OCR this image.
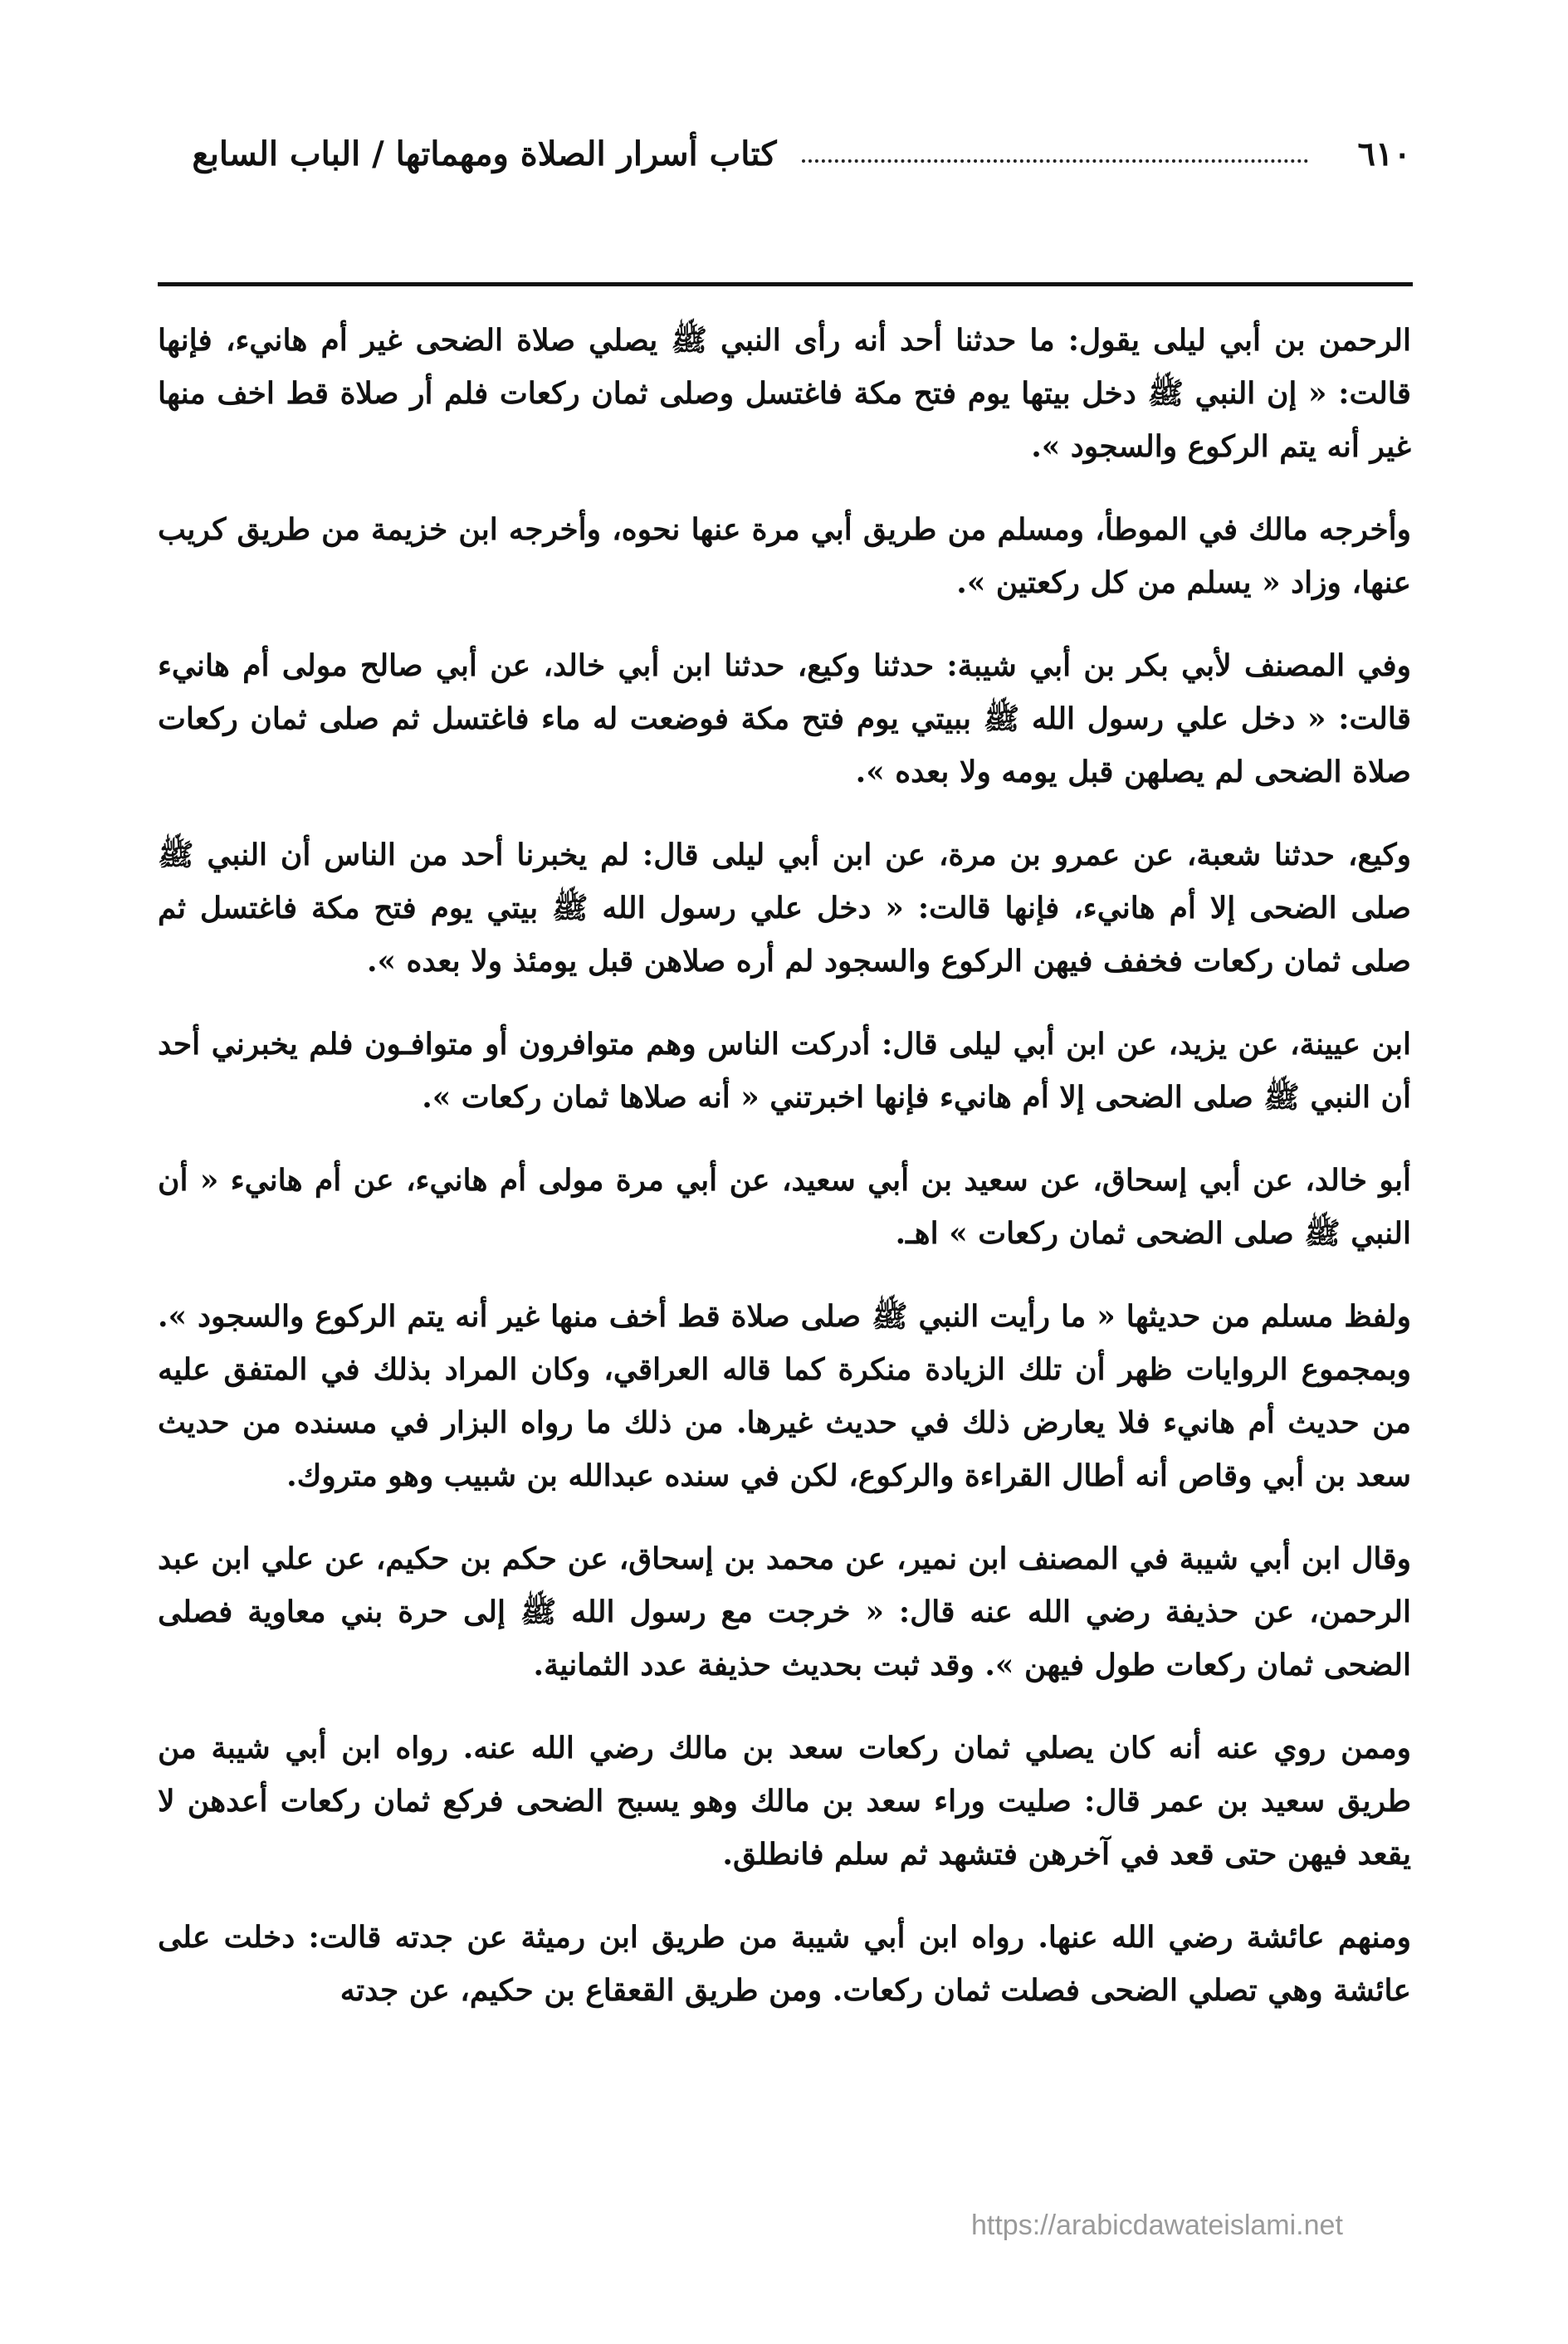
٦١٠
كتاب أسرار الصلاة ومهماتها / الباب السابع

الرحمن بن أبي ليلى يقول: ما حدثنا أحد أنه رأى النبي ﷺ يصلي صلاة الضحى غير أم هانيء، فإنها قالت: « إن النبي ﷺ دخل بيتها يوم فتح مكة فاغتسل وصلى ثمان ركعات فلم أر صلاة قط اخف منها غير أنه يتم الركوع والسجود ».

وأخرجه مالك في الموطأ، ومسلم من طريق أبي مرة عنها نحوه، وأخرجه ابن خزيمة من طريق كريب عنها، وزاد « يسلم من كل ركعتين ».

وفي المصنف لأبي بكر بن أبي شيبة: حدثنا وكيع، حدثنا ابن أبي خالد، عن أبي صالح مولى أم هانيء قالت: « دخل علي رسول الله ﷺ ببيتي يوم فتح مكة فوضعت له ماء فاغتسل ثم صلى ثمان ركعات صلاة الضحى لم يصلهن قبل يومه ولا بعده ».

وكيع، حدثنا شعبة، عن عمرو بن مرة، عن ابن أبي ليلى قال: لم يخبرنا أحد من الناس أن النبي ﷺ صلى الضحى إلا أم هانيء، فإنها قالت: « دخل علي رسول الله ﷺ بيتي يوم فتح مكة فاغتسل ثم صلى ثمان ركعات فخفف فيهن الركوع والسجود لم أره صلاهن قبل يومئذ ولا بعده ».

ابن عيينة، عن يزيد، عن ابن أبي ليلى قال: أدركت الناس وهم متوافرون أو متوافـون فلم يخبرني أحد أن النبي ﷺ صلى الضحى إلا أم هانيء فإنها اخبرتني « أنه صلاها ثمان ركعات ».

أبو خالد، عن أبي إسحاق، عن سعيد بن أبي سعيد، عن أبي مرة مولى أم هانيء، عن أم هانيء « أن النبي ﷺ صلى الضحى ثمان ركعات » اهـ.

ولفظ مسلم من حديثها « ما رأيت النبي ﷺ صلى صلاة قط أخف منها غير أنه يتم الركوع والسجود ». وبمجموع الروايات ظهر أن تلك الزيادة منكرة كما قاله العراقي، وكان المراد بذلك في المتفق عليه من حديث أم هانيء فلا يعارض ذلك في حديث غيرها. من ذلك ما رواه البزار في مسنده من حديث سعد بن أبي وقاص أنه أطال القراءة والركوع، لكن في سنده عبدالله بن شبيب وهو متروك.

وقال ابن أبي شيبة في المصنف ابن نمير، عن محمد بن إسحاق، عن حكم بن حكيم، عن علي ابن عبد الرحمن، عن حذيفة رضي الله عنه قال: « خرجت مع رسول الله ﷺ إلى حرة بني معاوية فصلى الضحى ثمان ركعات طول فيهن ». وقد ثبت بحديث حذيفة عدد الثمانية.

وممن روي عنه أنه كان يصلي ثمان ركعات سعد بن مالك رضي الله عنه. رواه ابن أبي شيبة من طريق سعيد بن عمر قال: صليت وراء سعد بن مالك وهو يسبح الضحى فركع ثمان ركعات أعدهن لا يقعد فيهن حتى قعد في آخرهن فتشهد ثم سلم فانطلق.

ومنهم عائشة رضي الله عنها. رواه ابن أبي شيبة من طريق ابن رميثة عن جدته قالت: دخلت على عائشة وهي تصلي الضحى فصلت ثمان ركعات. ومن طريق القعقاع بن حكيم، عن جدته

https://arabicdawateislami.net
